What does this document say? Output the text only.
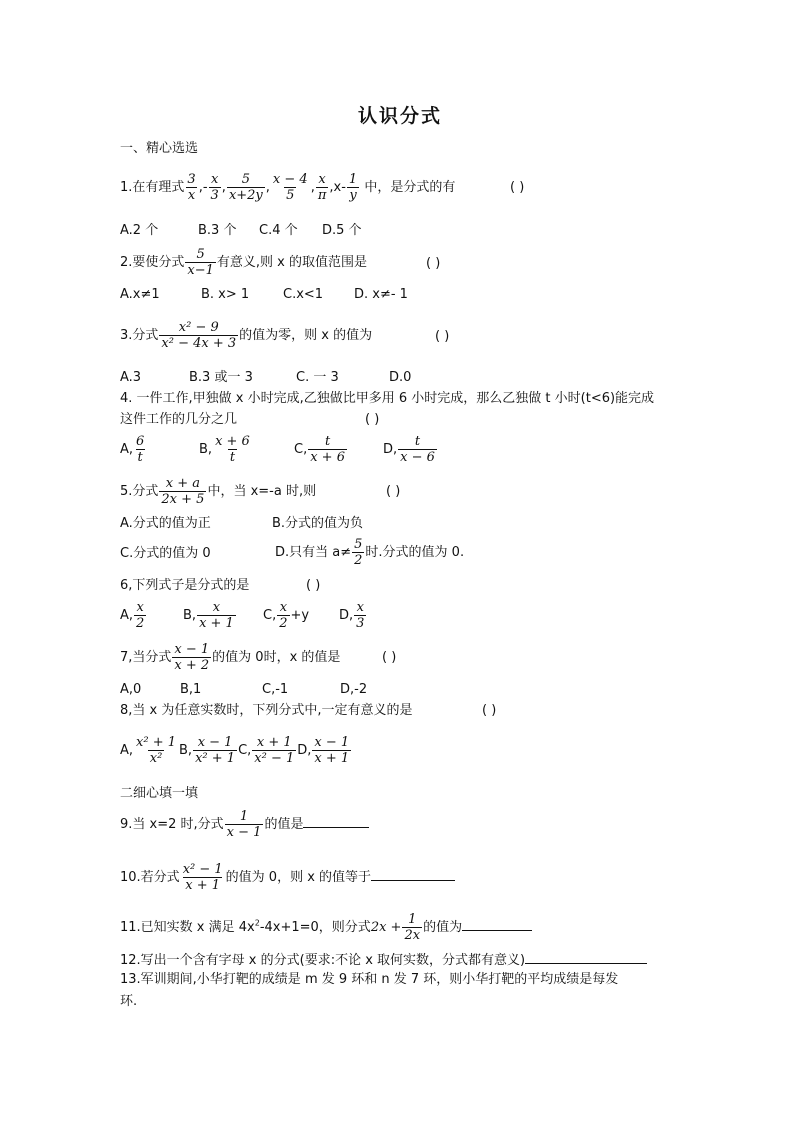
认识分式
一、精心选选
1.在有理式 $\frac{3}{x}$ ,- $\frac{x}{3}$ , $\frac{5}{x+2y}$ , $\frac{x - 4}{5}$ , $\frac{x}{\pi} ,x- \frac{1}{y}$ 中，是分式的有	( )
A.2 个	B.3 个 C.4 个 D.5 个
2.要使分式 $\frac{5}{x-1}$ 有意义,则 x 的取值范围是	( )
A.x≠1	B. x> 1	C.x<1 D. x≠- 1
3.分式 $\frac{\text{x² − 9}}{\text{x² − 4x + 3}}$ 的值为零，则 x 的值为	( )
A.3	B.3 或一 3	C. 一 3	D.0
4. 一件工作,甲独做 x 小时完成,乙独做比甲多用 6 小时完成，那么乙独做 t 小时(t<6)能完成
这件工作的几分之几	( )
A, $\frac{6}{t}$	B, $\frac{x + 6}{t}$	C, $\frac{t}{x + 6}$	D, $\frac{t}{x - 6}$
5.分式 $\frac{x + a}{2x + 5}$ 中，当 x=-a 时,则	( )
A.分式的值为正	B.分式的值为负
C.分式的值为 0	D.只有当 $a\ne \frac{5}{2}$ 时.分式的值为 0.
6,下列式子是分式的是	( )
A, $\frac{x}{2}$	B, $\frac{x}{x + 1} C$, $\frac{x}{2} +y$ D, $\frac{x}{3}$
7,当分式 $\frac{x - 1}{x + 2}$ 的值为 0时，x 的值是	( )
A,0	B,1	C,-1	D,-2
8,当 x 为任意实数时，下列分式中,一定有意义的是	( )
A, $\frac{\text{x² + 1}}{\text{x²}} B$, $\frac{x - 1}{\text{x² + 1}} C$, $\frac{x + 1}{\text{x² − 1}} D$, $\frac{x - 1}{x + 1}$
二细心填一填
9.当 x=2 时,分式 $\frac{1}{x - 1}$ 的值是
10.若分式 $\frac{\text{x² − 1}}{x + 1}$ 的值为 0，则 x 的值等于
11.已知实数 x 满足 $4x^2-4x+1=0$，则分式$2x + \frac{1}{2x}$ 的值为
12.写出一个含有字母 x 的分式(要求:不论 x 取何实数，分式都有意义)
13.军训期间,小华打靶的成绩是 m 发 9 环和 n 发 7 环，则小华打靶的平均成绩是每发
环.
